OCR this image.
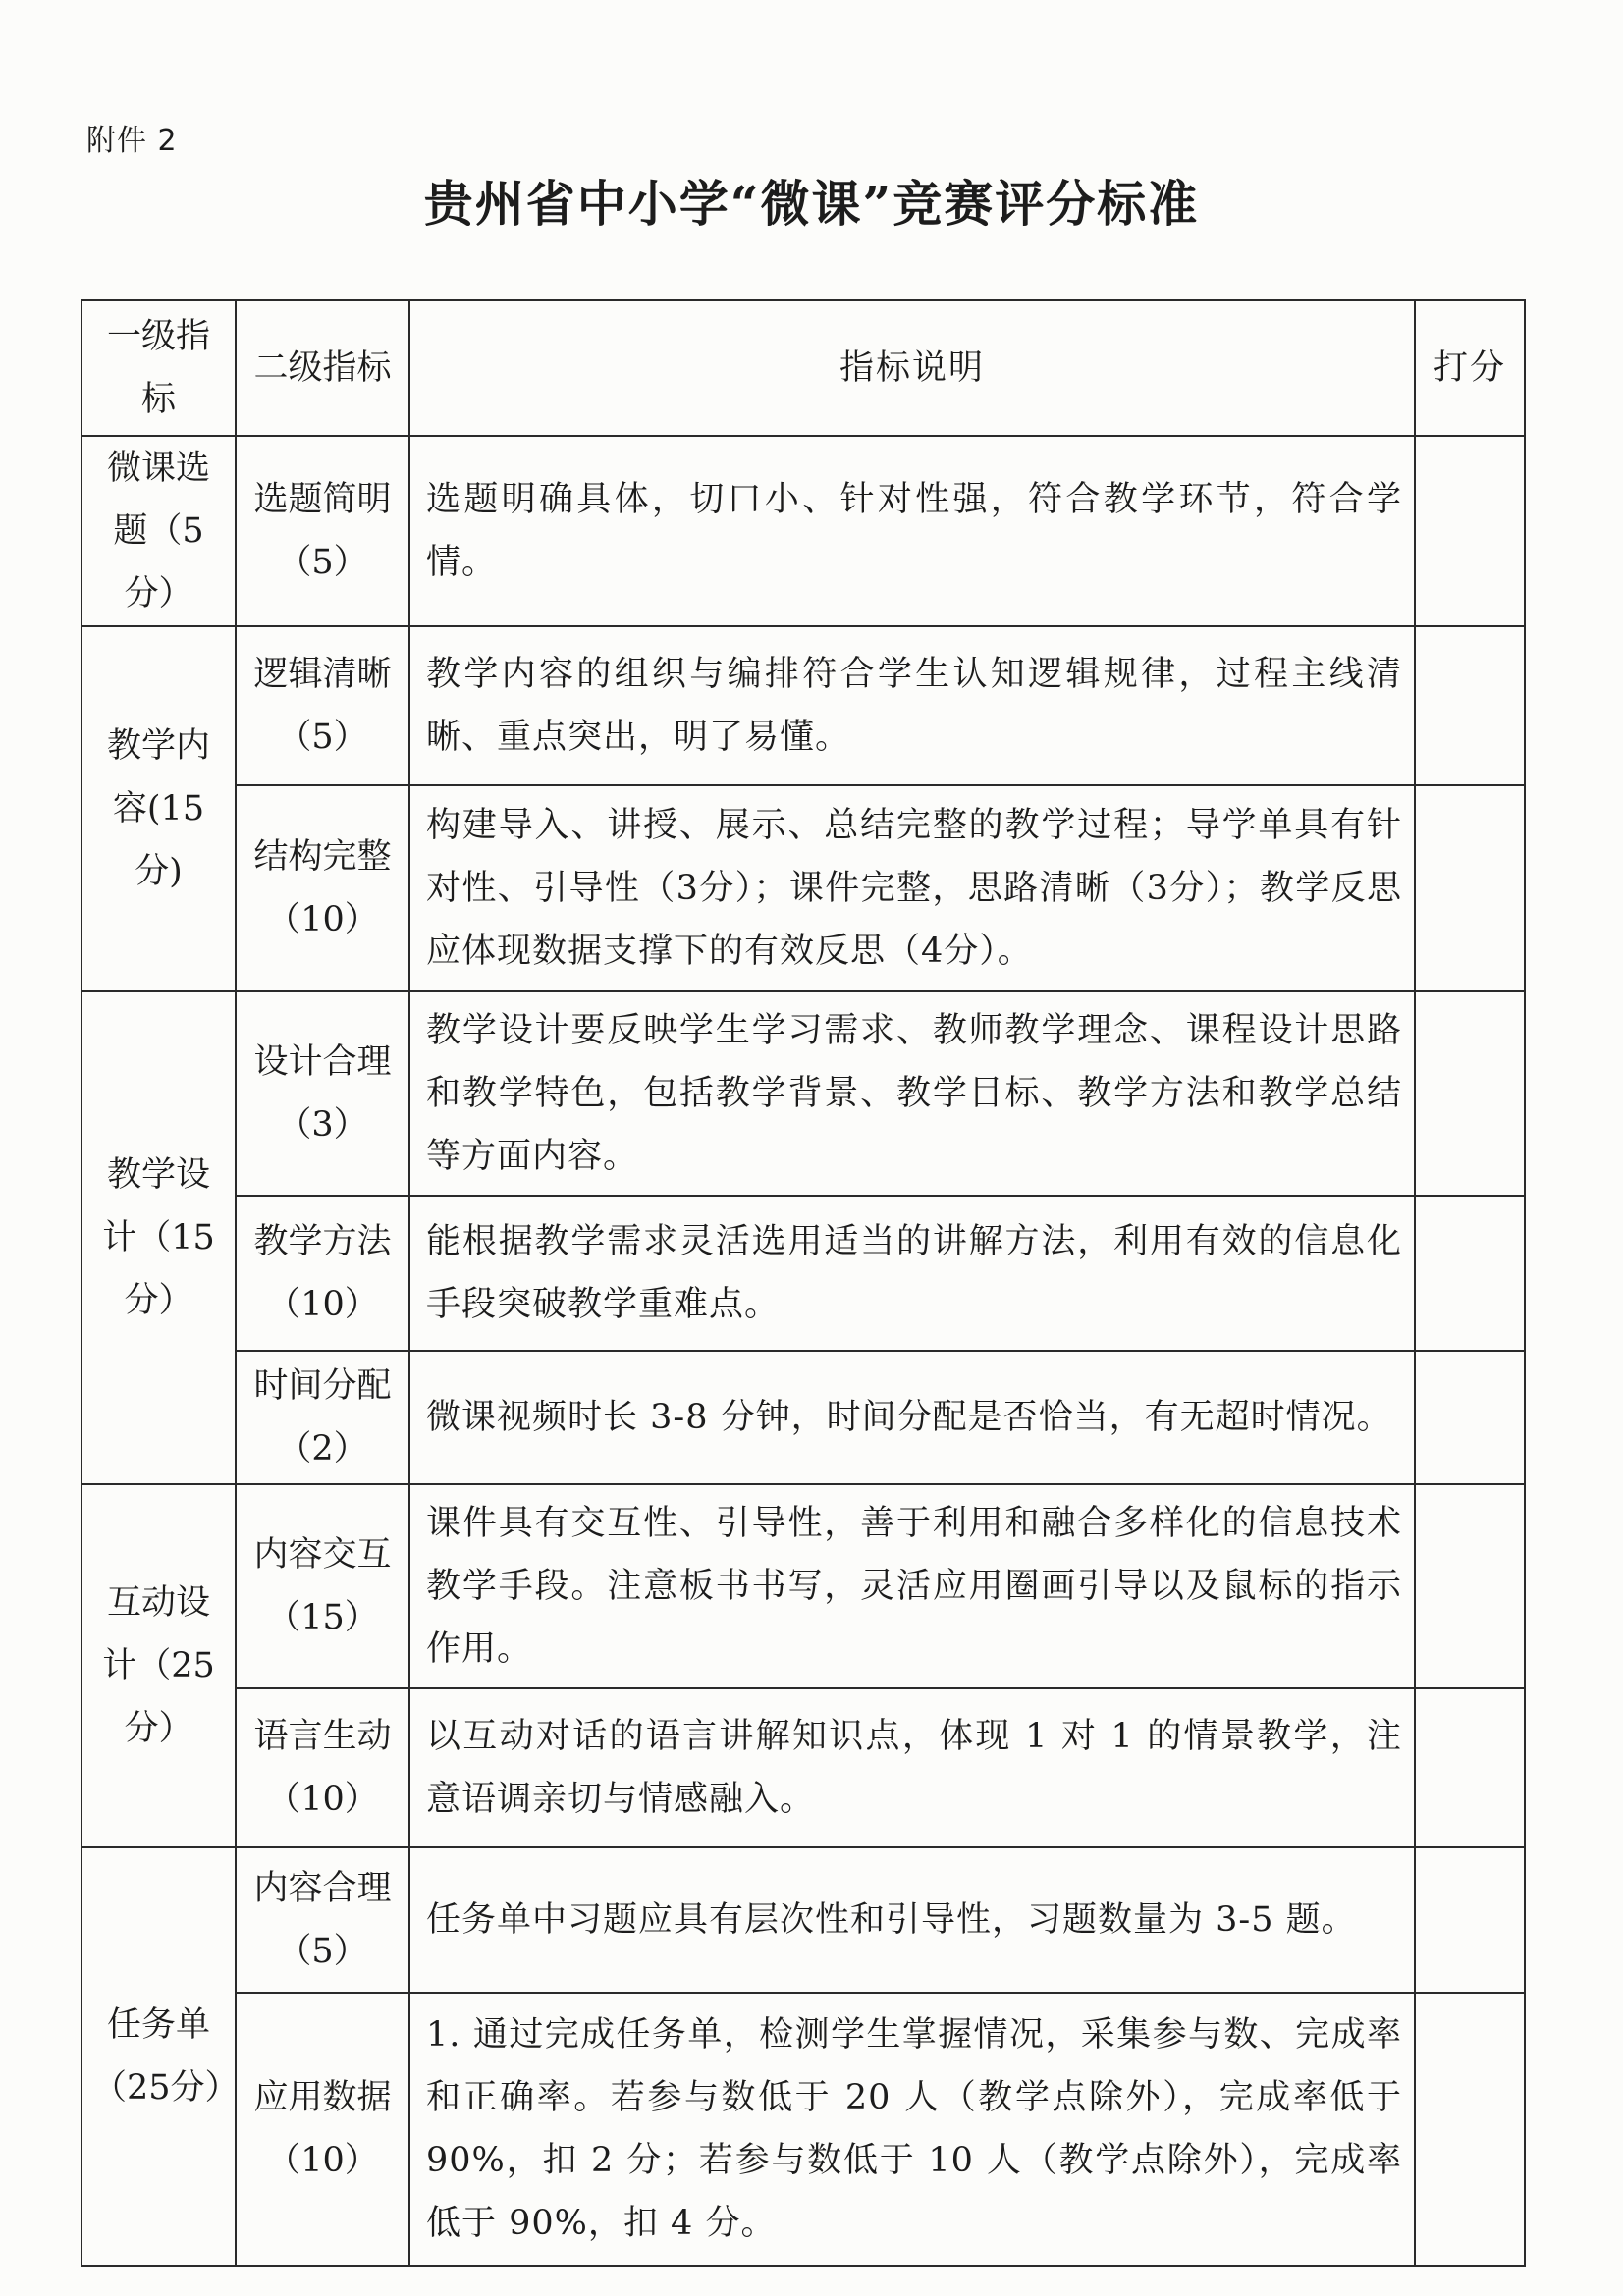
附件 2
贵州省中小学“微课”竞赛评分标准
一级指标	二级指标	指标说明	打分
微课选题（5分）	选题简明（5）	选题明确具体，切口小、针对性强，符合教学环节，符合学情。	
教学内容(15分)	逻辑清晰（5）	教学内容的组织与编排符合学生认知逻辑规律，过程主线清晰、重点突出，明了易懂。	
	结构完整（10）	构建导入、讲授、展示、总结完整的教学过程；导学单具有针对性、引导性（3分）；课件完整，思路清晰（3分）；教学反思应体现数据支撑下的有效反思（4分）。	
教学设计（15分）	设计合理（3）	教学设计要反映学生学习需求、教师教学理念、课程设计思路和教学特色，包括教学背景、教学目标、教学方法和教学总结等方面内容。	
	教学方法（10）	能根据教学需求灵活选用适当的讲解方法，利用有效的信息化手段突破教学重难点。	
	时间分配（2）	微课视频时长 3-8 分钟，时间分配是否恰当，有无超时情况。	
互动设计（25分）	内容交互（15）	课件具有交互性、引导性，善于利用和融合多样化的信息技术教学手段。注意板书书写，灵活应用圈画引导以及鼠标的指示作用。	
	语言生动（10）	以互动对话的语言讲解知识点，体现 1 对 1 的情景教学，注意语调亲切与情感融入。	
任务单（25分）	内容合理（5）	任务单中习题应具有层次性和引导性，习题数量为 3-5 题。	
	应用数据（10）	1. 通过完成任务单，检测学生掌握情况，采集参与数、完成率和正确率。若参与数低于 20 人（教学点除外），完成率低于 90%，扣 2 分；若参与数低于 10 人（教学点除外），完成率低于 90%，扣 4 分。	
